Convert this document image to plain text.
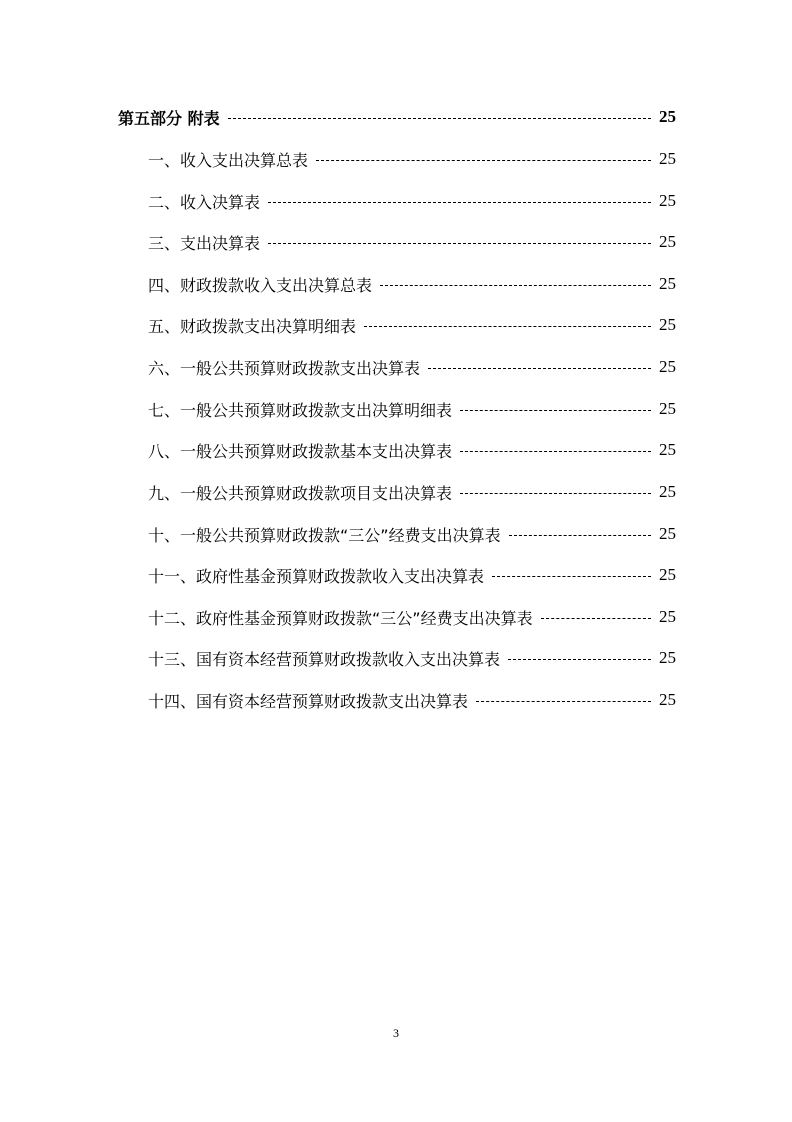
第五部分 附表	25
一、收入支出决算总表	25
二、收入决算表	25
三、支出决算表	25
四、财政拨款收入支出决算总表	25
五、财政拨款支出决算明细表	25
六、一般公共预算财政拨款支出决算表	25
七、一般公共预算财政拨款支出决算明细表	25
八、一般公共预算财政拨款基本支出决算表	25
九、一般公共预算财政拨款项目支出决算表	25
十、一般公共预算财政拨款“三公”经费支出决算表	25
十一、政府性基金预算财政拨款收入支出决算表	25
十二、政府性基金预算财政拨款“三公”经费支出决算表	25
十三、国有资本经营预算财政拨款收入支出决算表	25
十四、国有资本经营预算财政拨款支出决算表	25
3
